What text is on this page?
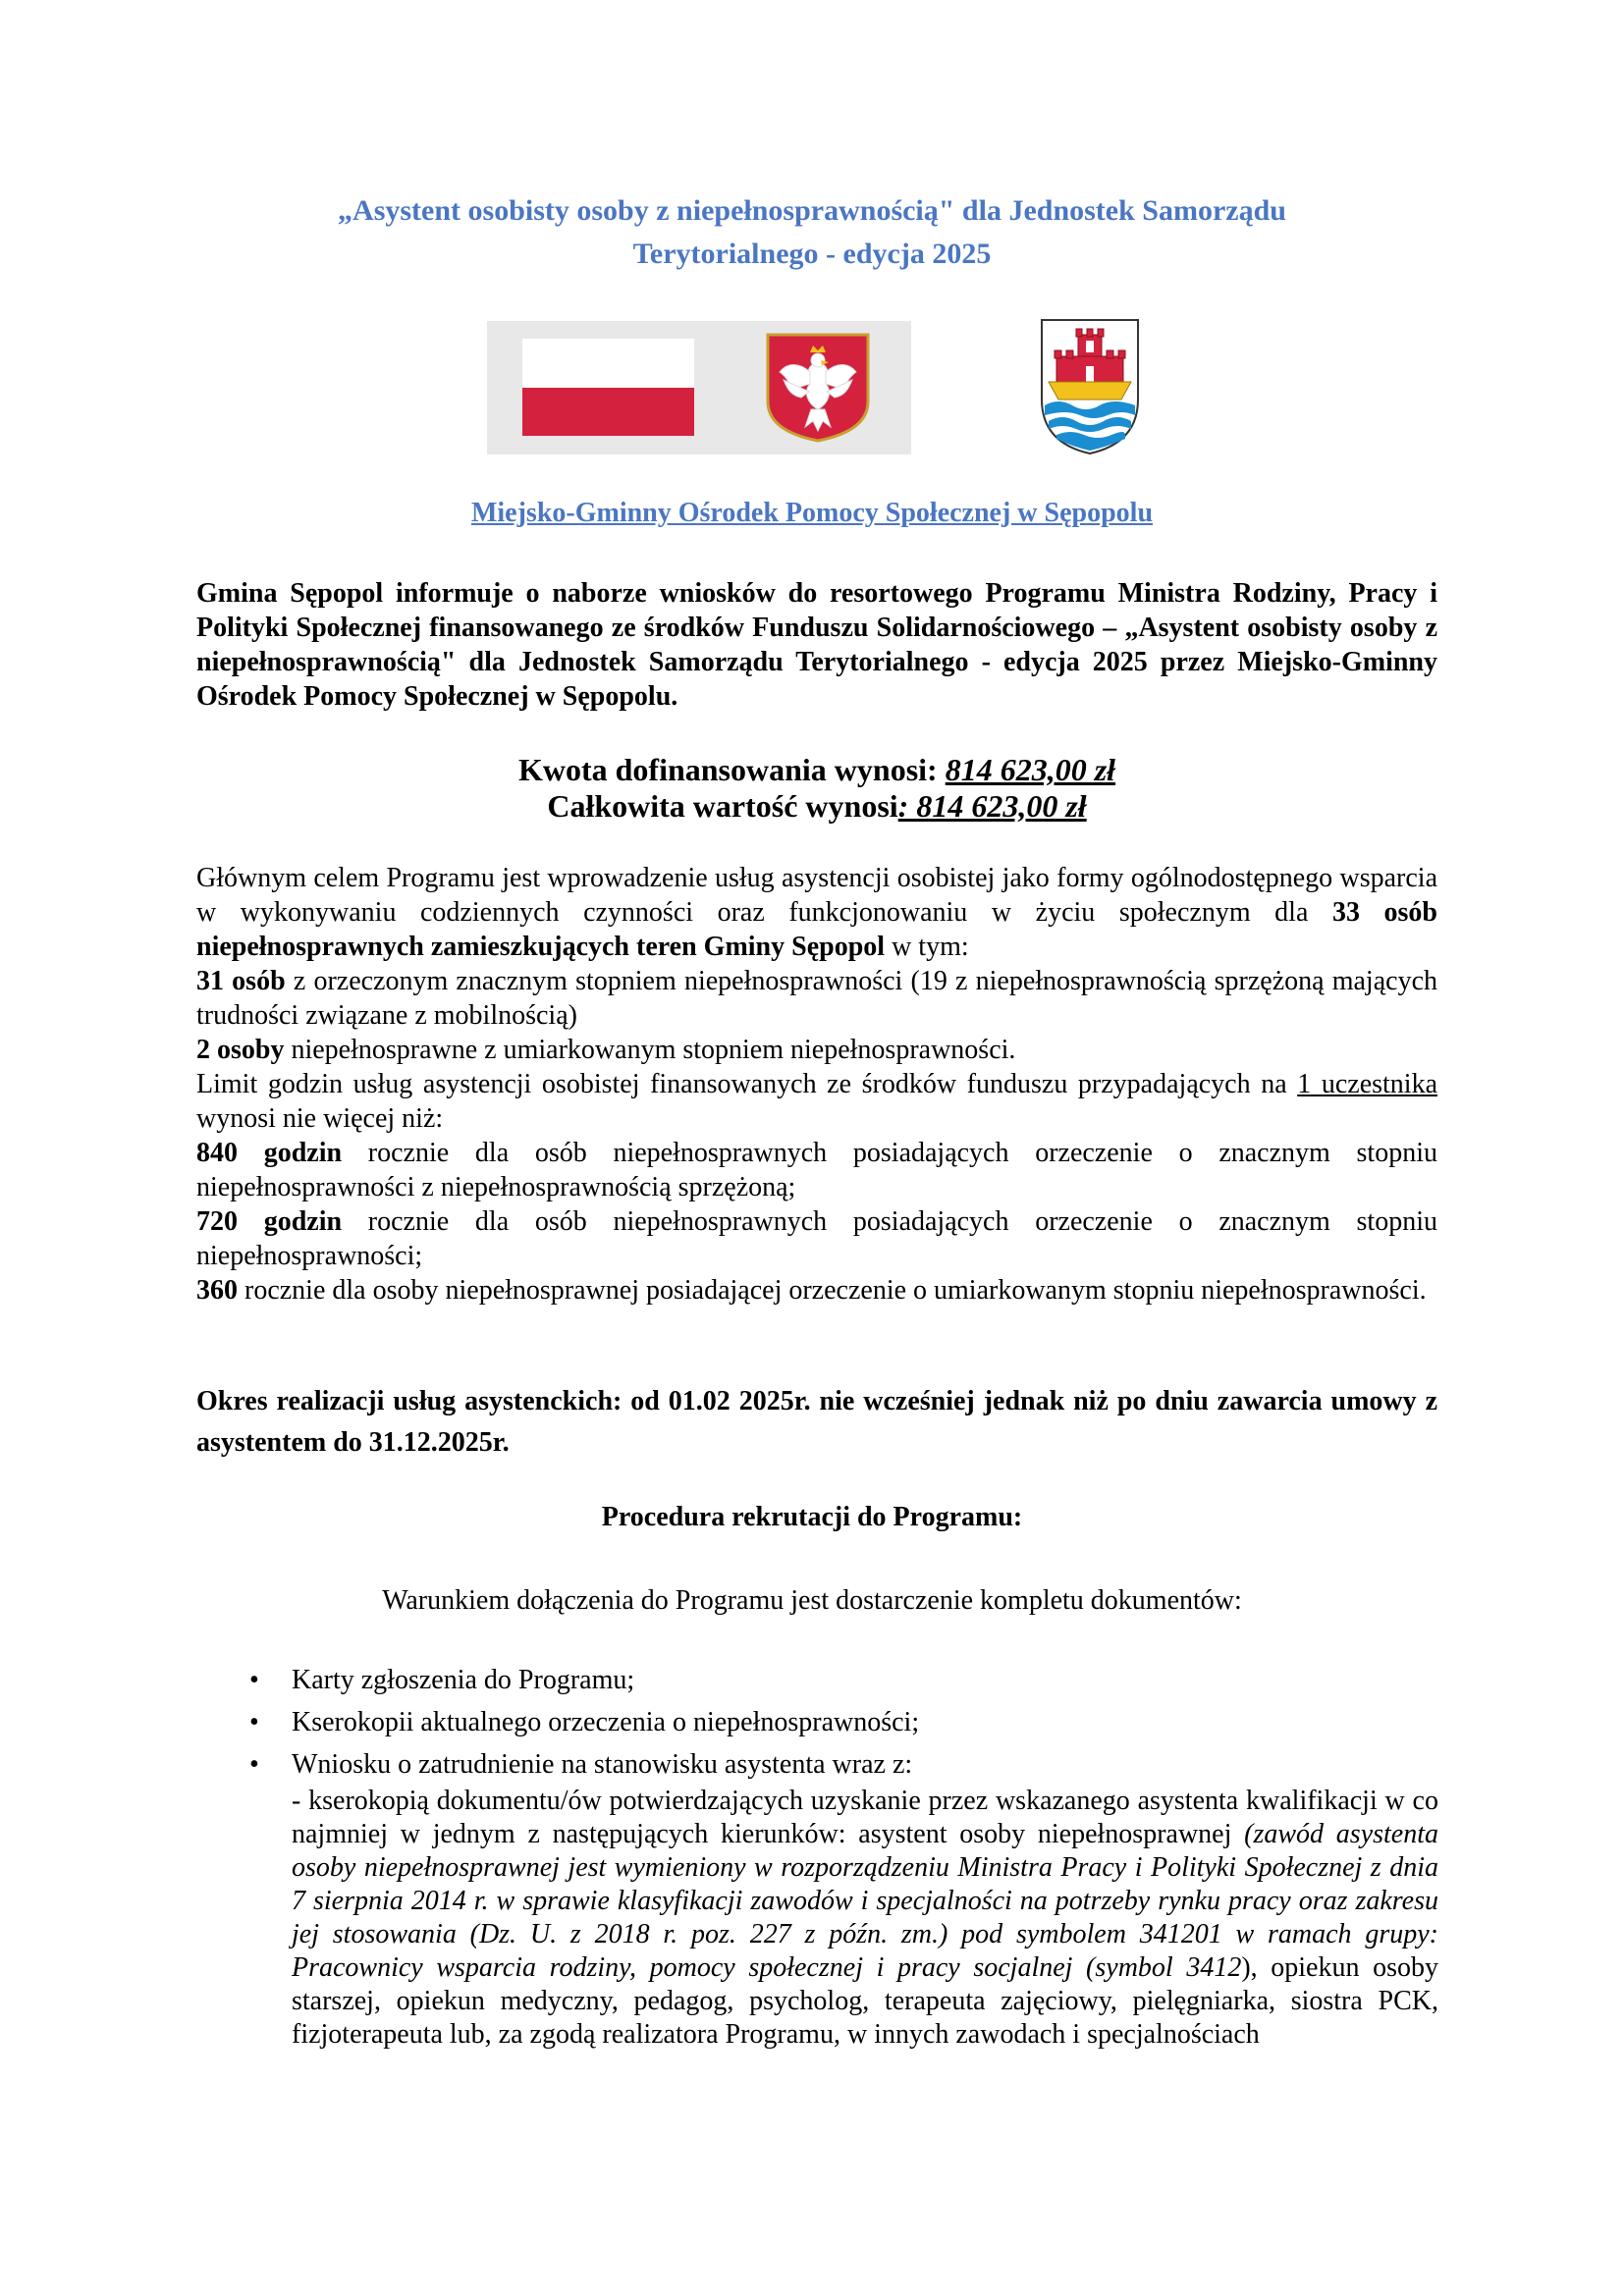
„Asystent osobisty osoby z niepełnosprawnością" dla Jednostek Samorządu
Terytorialnego - edycja 2025
Miejsko-Gminny Ośrodek Pomocy Społecznej w Sępopolu
Gmina Sępopol informuje o naborze wniosków do resortowego Programu Ministra Rodziny, Pracy i Polityki Społecznej finansowanego ze środków Funduszu Solidarnościowego – „Asystent osobisty osoby z niepełnosprawnością" dla Jednostek Samorządu Terytorialnego - edycja 2025 przez Miejsko-Gminny Ośrodek Pomocy Społecznej w Sępopolu.
Kwota dofinansowania wynosi: 814 623,00 zł
Całkowita wartość wynosi: 814 623,00 zł
Głównym celem Programu jest wprowadzenie usług asystencji osobistej jako formy ogólnodostępnego wsparcia w wykonywaniu codziennych czynności oraz funkcjonowaniu w życiu społecznym dla 33 osób niepełnosprawnych zamieszkujących teren Gminy Sępopol w tym:
31 osób z orzeczonym znacznym stopniem niepełnosprawności (19 z niepełnosprawnością sprzężoną mających trudności związane z mobilnością)
2 osoby niepełnosprawne z umiarkowanym stopniem niepełnosprawności.
Limit godzin usług asystencji osobistej finansowanych ze środków funduszu przypadających na 1 uczestnika wynosi nie więcej niż:
840 godzin rocznie dla osób niepełnosprawnych posiadających orzeczenie o znacznym stopniu niepełnosprawności z niepełnosprawnością sprzężoną;
720 godzin rocznie dla osób niepełnosprawnych posiadających orzeczenie o znacznym stopniu niepełnosprawności;
360 rocznie dla osoby niepełnosprawnej posiadającej orzeczenie o umiarkowanym stopniu niepełnosprawności.
Okres realizacji usług asystenckich: od 01.02 2025r. nie wcześniej jednak niż po dniu zawarcia umowy z asystentem do 31.12.2025r.
Procedura rekrutacji do Programu:
Warunkiem dołączenia do Programu jest dostarczenie kompletu dokumentów:
• Karty zgłoszenia do Programu;
• Kserokopii aktualnego orzeczenia o niepełnosprawności;
• Wniosku o zatrudnienie na stanowisku asystenta wraz z:
- kserokopią dokumentu/ów potwierdzających uzyskanie przez wskazanego asystenta kwalifikacji w co najmniej w jednym z następujących kierunków: asystent osoby niepełnosprawnej (zawód asystenta osoby niepełnosprawnej jest wymieniony w rozporządzeniu Ministra Pracy i Polityki Społecznej z dnia 7 sierpnia 2014 r. w sprawie klasyfikacji zawodów i specjalności na potrzeby rynku pracy oraz zakresu jej stosowania (Dz. U. z 2018 r. poz. 227 z późn. zm.) pod symbolem 341201 w ramach grupy: Pracownicy wsparcia rodziny, pomocy społecznej i pracy socjalnej (symbol 3412), opiekun osoby starszej, opiekun medyczny, pedagog, psycholog, terapeuta zajęciowy, pielęgniarka, siostra PCK, fizjoterapeuta lub, za zgodą realizatora Programu, w innych zawodach i specjalnościach
